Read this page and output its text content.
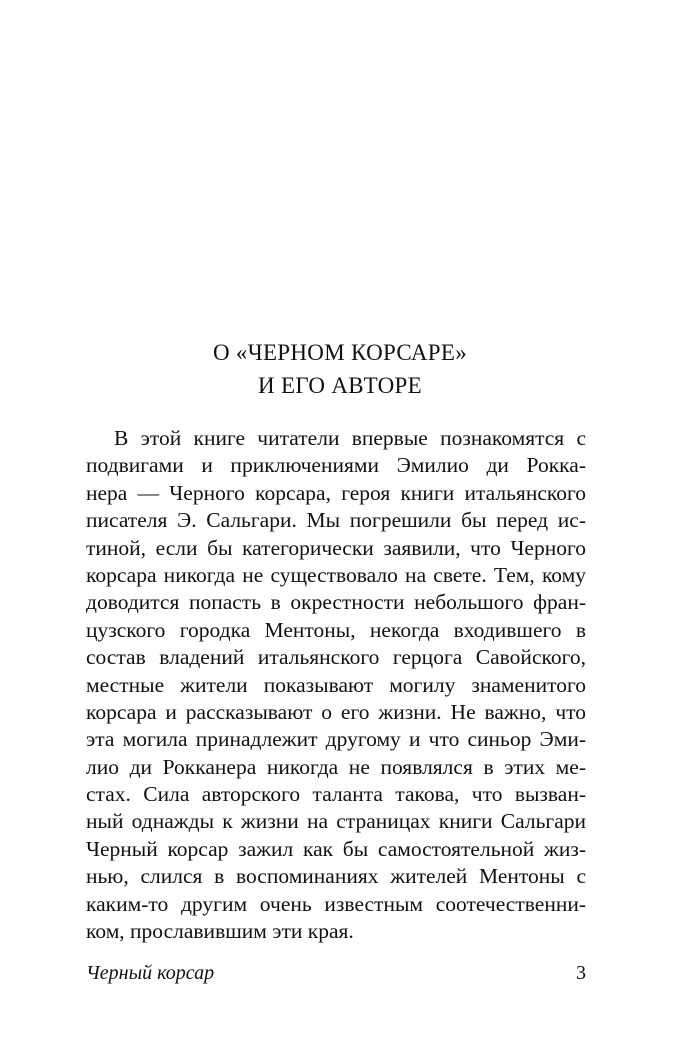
О «ЧЕРНОМ КОРСАРЕ»
И ЕГО АВТОРЕ
В этой книге читатели впервые познакомятся с
подвигами и приключениями Эмилио ди Рокка-
нера — Черного корсара, героя книги итальянского
писателя Э. Сальгари. Мы погрешили бы перед ис-
тиной, если бы категорически заявили, что Черного
корсара никогда не существовало на свете. Тем, кому
доводится попасть в окрестности небольшого фран-
цузского городка Ментоны, некогда входившего в
состав владений итальянского герцога Савойского,
местные жители показывают могилу знаменитого
корсара и рассказывают о его жизни. Не важно, что
эта могила принадлежит другому и что синьор Эми-
лио ди Рокканера никогда не появлялся в этих ме-
стах. Сила авторского таланта такова, что вызван-
ный однажды к жизни на страницах книги Сальгари
Черный корсар зажил как бы самостоятельной жиз-
нью, слился в воспоминаниях жителей Ментоны с
каким-то другим очень известным соотечественни-
ком, прославившим эти края.
Черный корсар	3
